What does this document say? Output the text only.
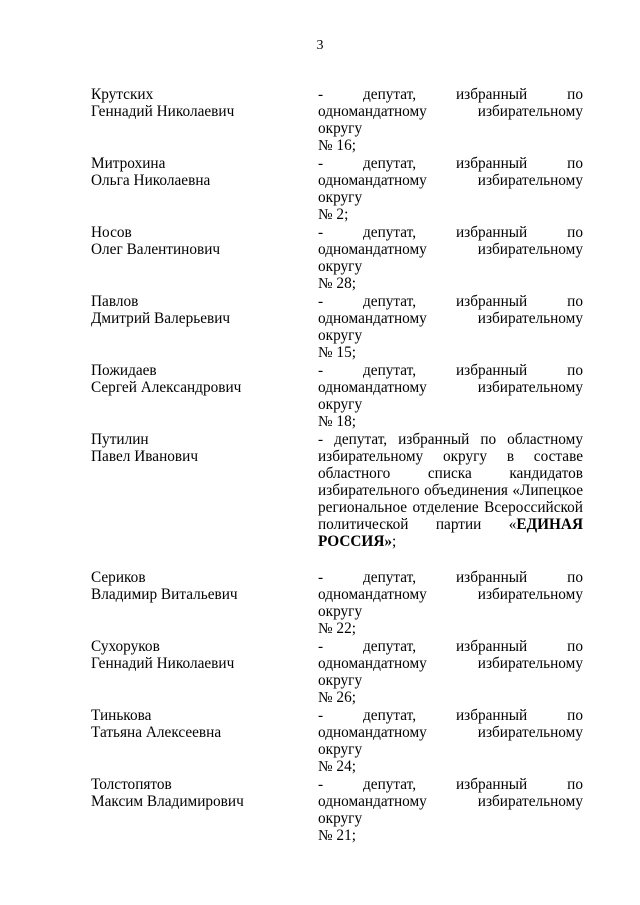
3
Крутских
Геннадий Николаевич
- депутат, избранный по
одномандатному избирательному округу
№ 16;
Митрохина
Ольга Николаевна
- депутат, избранный по
одномандатному избирательному округу
№ 2;
Носов
Олег Валентинович
- депутат, избранный по
одномандатному избирательному округу
№ 28;
Павлов
Дмитрий Валерьевич
- депутат, избранный по
одномандатному избирательному округу
№ 15;
Пожидаев
Сергей Александрович
- депутат, избранный по
одномандатному избирательному округу
№ 18;
Путилин
Павел Иванович
- депутат, избранный по областному
избирательному округу в составе
областного списка кандидатов
избирательного объединения «Липецкое
региональное отделение Всероссийской
политической партии «ЕДИНАЯ
РОССИЯ»;
Сериков
Владимир Витальевич
- депутат, избранный по
одномандатному избирательному округу
№ 22;
Сухоруков
Геннадий Николаевич
- депутат, избранный по
одномандатному избирательному округу
№ 26;
Тинькова
Татьяна Алексеевна
- депутат, избранный по
одномандатному избирательному округу
№ 24;
Толстопятов
Максим Владимирович
- депутат, избранный по
одномандатному избирательному округу
№ 21;
